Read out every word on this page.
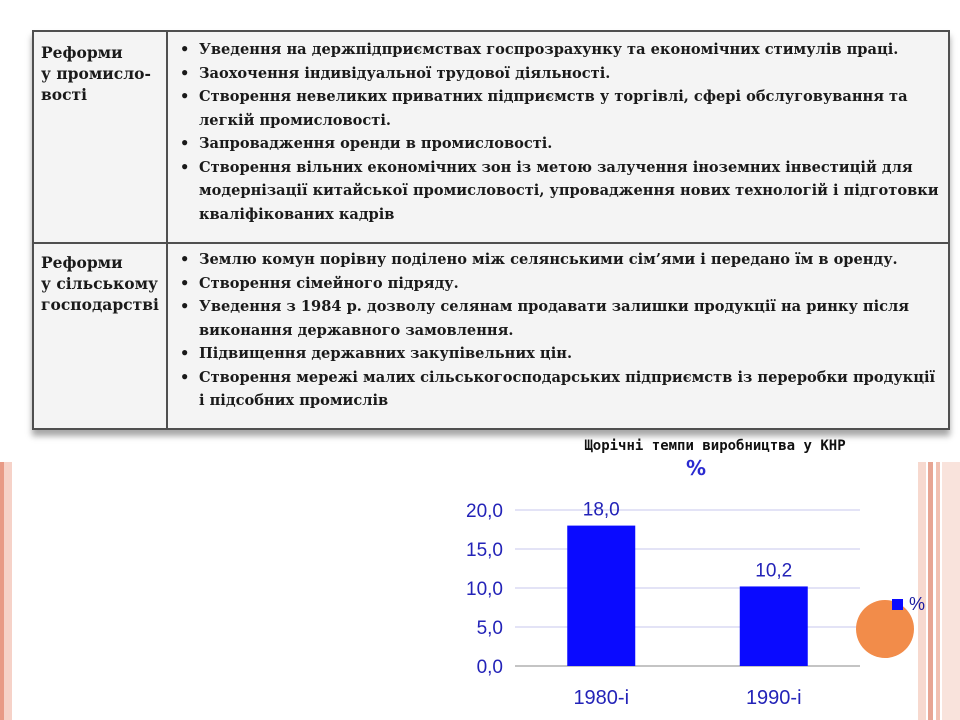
Реформи
у промисло-
вості
• Уведення на держпідприємствах госпрозрахунку та економічних стимулів праці.
• Заохочення індивідуальної трудової діяльності.
• Створення невеликих приватних підприємств у торгівлі, сфері обслуговування та легкій промисловості.
• Запровадження оренди в промисловості.
• Створення вільних економічних зон із метою залучення іноземних інвестицій для модернізації китайської промисловості, упровадження нових технологій і підготовки кваліфікованих кадрів
Реформи
у сільському
господарстві
• Землю комун порівну поділено між селянськими сім’ями і передано їм в оренду.
• Створення сімейного підряду.
• Уведення з 1984 р. дозволу селянам продавати залишки продукції на ринку після виконання державного замовлення.
• Підвищення державних закупівельних цін.
• Створення мережі малих сільськогосподарських підприємств із переробки продукції і підсобних промислів
Щорічні темпи виробництва у КНР
%
0,0
5,0
10,0
15,0
20,0	18,0
1980-і
10,2
1990-і
%
